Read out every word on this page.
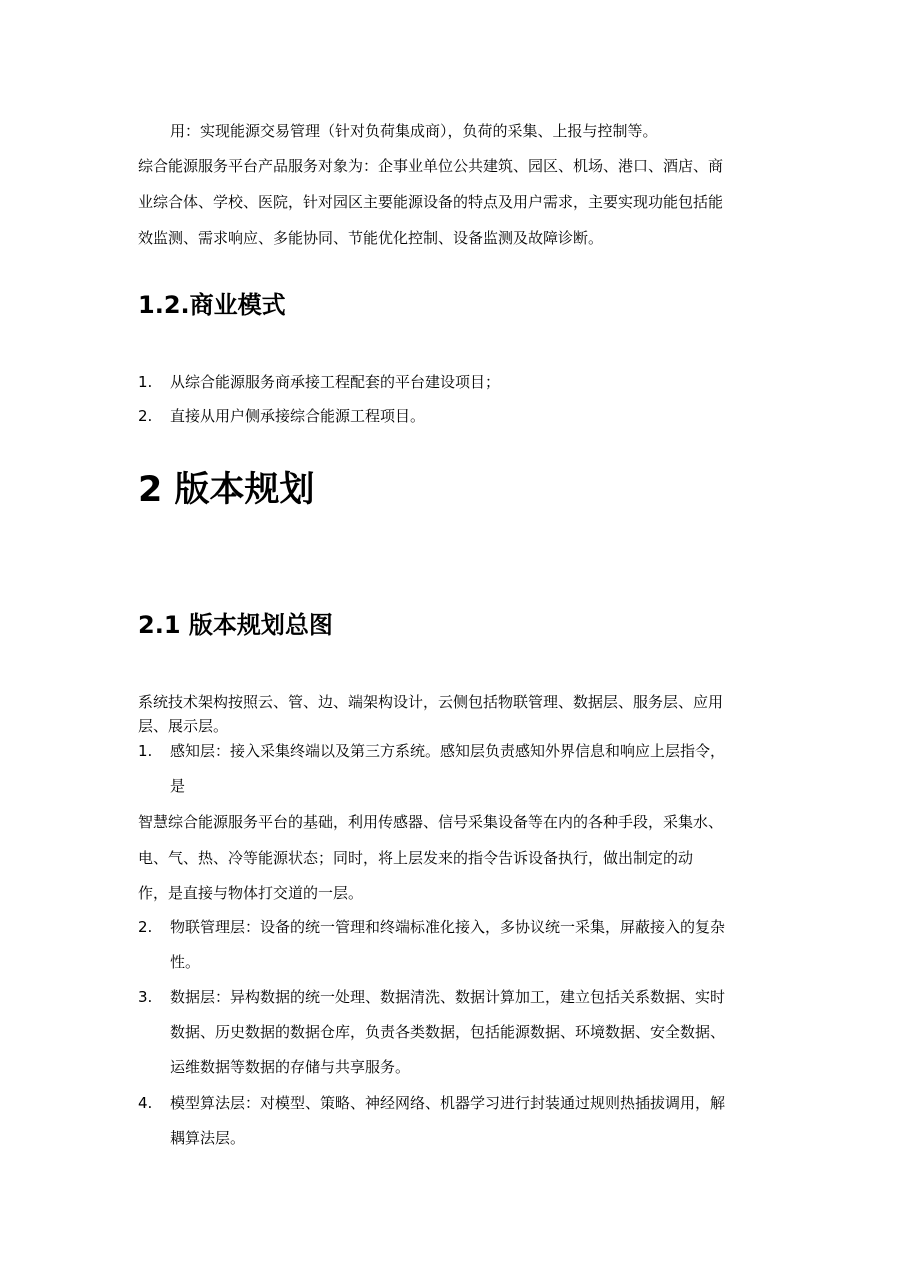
用：实现能源交易管理（针对负荷集成商），负荷的采集、上报与控制等。
综合能源服务平台产品服务对象为：企事业单位公共建筑、园区、机场、港口、酒店、商
业综合体、学校、医院，针对园区主要能源设备的特点及用户需求，主要实现功能包括能
效监测、需求响应、多能协同、节能优化控制、设备监测及故障诊断。
1.2.商业模式
1. 从综合能源服务商承接工程配套的平台建设项目；
2. 直接从用户侧承接综合能源工程项目。
2 版本规划
2.1 版本规划总图
系统技术架构按照云、管、边、端架构设计，云侧包括物联管理、数据层、服务层、应用
层、展示层。
1. 感知层：接入采集终端以及第三方系统。感知层负责感知外界信息和响应上层指令，
是
智慧综合能源服务平台的基础，利用传感器、信号采集设备等在内的各种手段，采集水、
电、气、热、冷等能源状态；同时，将上层发来的指令告诉设备执行，做出制定的动
作，是直接与物体打交道的一层。
2. 物联管理层：设备的统一管理和终端标准化接入，多协议统一采集，屏蔽接入的复杂
性。
3. 数据层：异构数据的统一处理、数据清洗、数据计算加工，建立包括关系数据、实时
数据、历史数据的数据仓库，负责各类数据，包括能源数据、环境数据、安全数据、
运维数据等数据的存储与共享服务。
4. 模型算法层：对模型、策略、神经网络、机器学习进行封装通过规则热插拔调用，解
耦算法层。
